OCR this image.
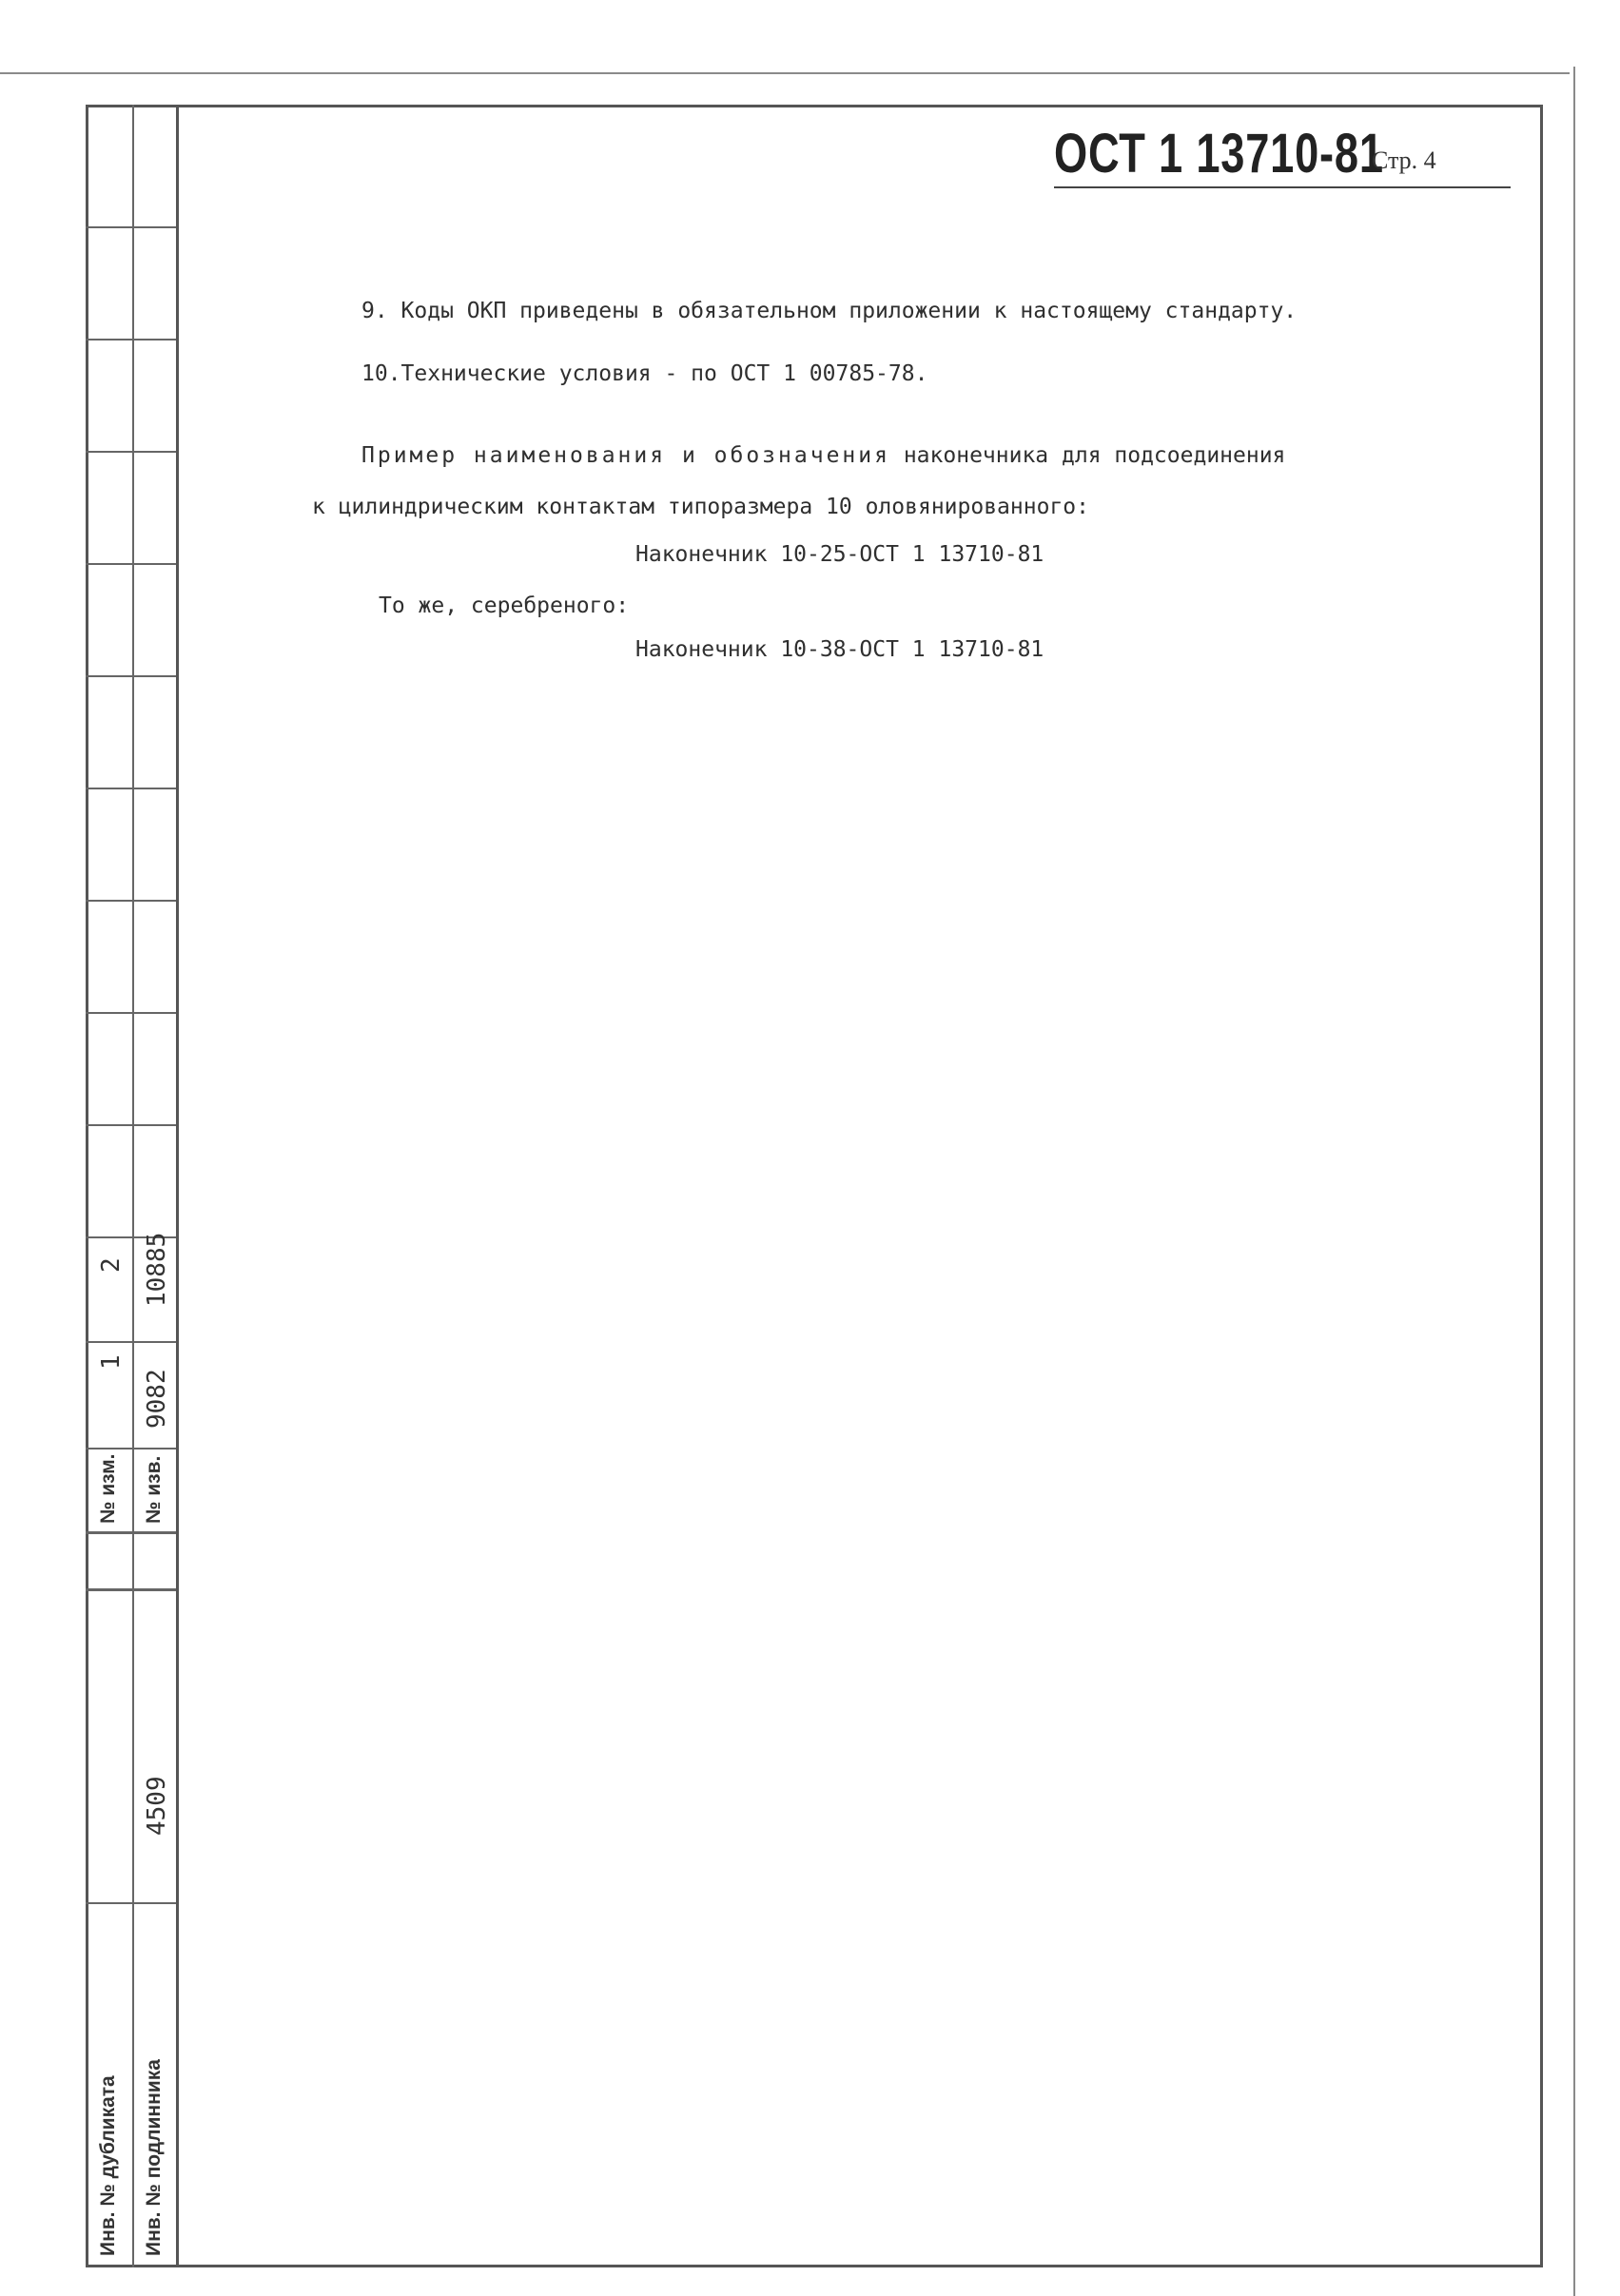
2 10885
1
9082
№ изм. № изв.
4509
Инв. № дубликата Инв. № подлинника
ОСТ 1 13710-81
Стр. 4
9. Коды ОКП приведены в обязательном приложении к настоящему стандарту.
10.Технические условия - по ОСТ 1 00785-78.
Пример наименования и обозначения наконечника для подсоединения
к цилиндрическим контактам типоразмера 10 оловянированного:
Наконечник 10-25-ОСТ 1 13710-81
То же, серебреного:
Наконечник 10-38-ОСТ 1 13710-81
